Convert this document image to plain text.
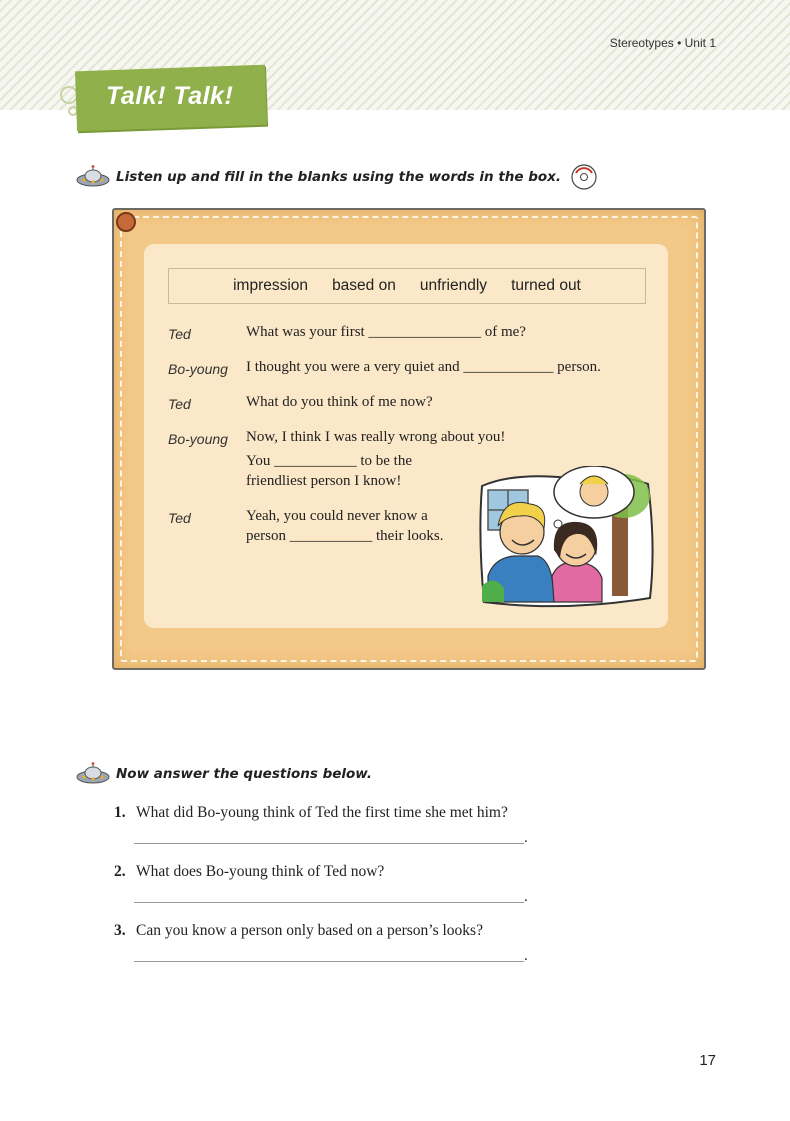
Stereotypes • Unit 1
Talk! Talk!
Listen up and fill in the blanks using the words in the box.
impression based on unfriendly turned out
Ted	What was your first _______________ of me?
Bo-young I thought you were a very quiet and ____________ person.
Ted	What do you think of me now?
Bo-young Now, I think I was really wrong about you!
You ___________ to be the
friendliest person I know!
Ted	Yeah, you could never know a
person ___________ their looks.
Now answer the questions below.
1. What did Bo-young think of Ted the first time she met him?
.
2. What does Bo-young think of Ted now?
.
3. Can you know a person only based on a person’s looks?
.
17
